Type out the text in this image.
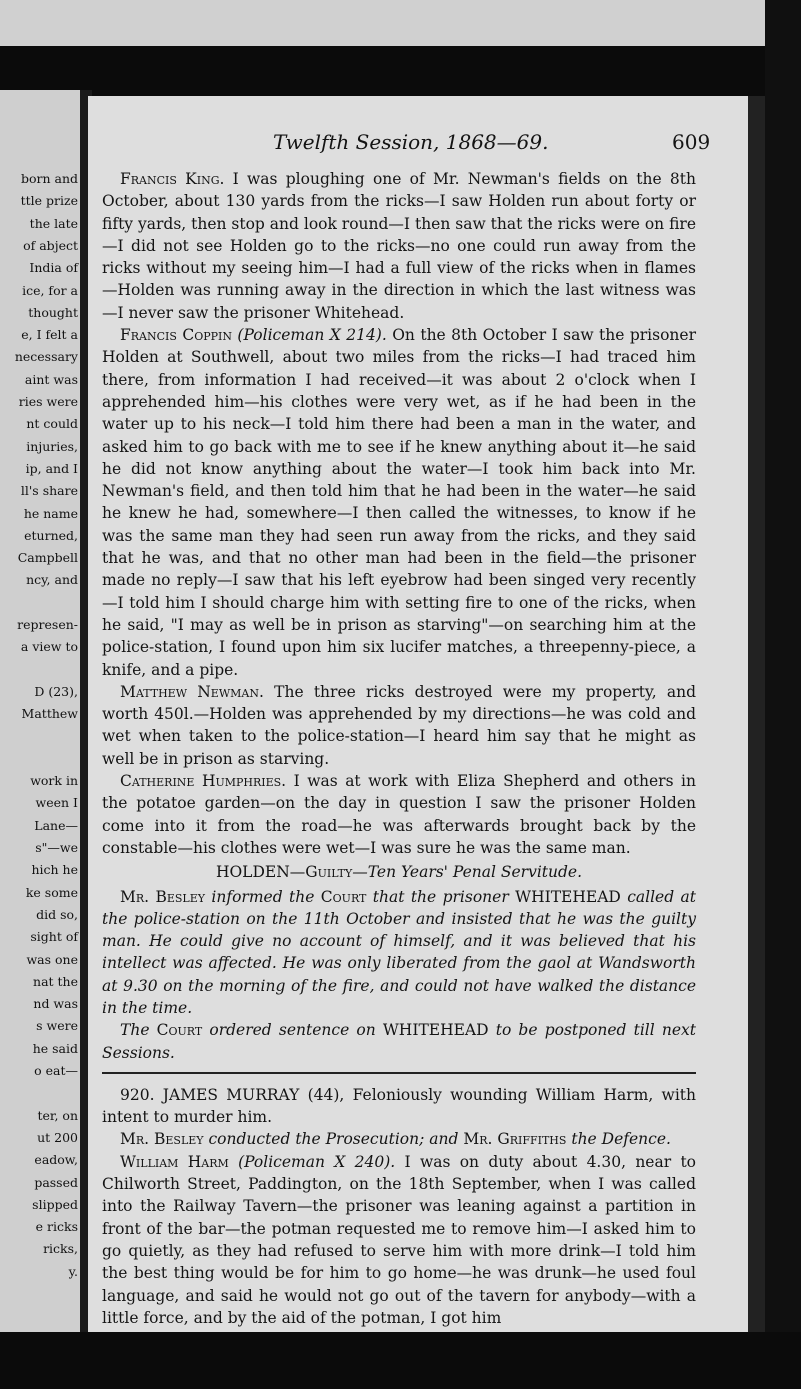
born and
ttle prize
the late
of abject
India of
ice, for a
thought
e, I felt a
necessary
aint was
ries were
nt could
injuries,
ip, and I
ll's share
he name
eturned,
Campbell
ncy, and
represen-
a view to
D (23),
Matthew
work in
ween I
Lane—
s"—we
hich he
ke some
did so,
sight of
was one
nat the
nd was
s were
he said
o eat—
ter, on
ut 200
eadow,
passed
slipped
e ricks
ricks,
y.
Twelfth Session, 1868—69.	609

Francis King. I was ploughing one of Mr. Newman's fields on the 8th October, about 130 yards from the ricks—I saw Holden run about forty or fifty yards, then stop and look round—I then saw that the ricks were on fire—I did not see Holden go to the ricks—no one could run away from the ricks without my seeing him—I had a full view of the ricks when in flames—Holden was running away in the direction in which the last witness was—I never saw the prisoner Whitehead.

Francis Coppin (Policeman X 214). On the 8th October I saw the prisoner Holden at Southwell, about two miles from the ricks—I had traced him there, from information I had received—it was about 2 o'clock when I apprehended him—his clothes were very wet, as if he had been in the water up to his neck—I told him there had been a man in the water, and asked him to go back with me to see if he knew anything about it—he said he did not know anything about the water—I took him back into Mr. Newman's field, and then told him that he had been in the water—he said he knew he had, somewhere—I then called the witnesses, to know if he was the same man they had seen run away from the ricks, and they said that he was, and that no other man had been in the field—the prisoner made no reply—I saw that his left eyebrow had been singed very recently—I told him I should charge him with setting fire to one of the ricks, when he said, "I may as well be in prison as starving"—on searching him at the police-station, I found upon him six lucifer matches, a threepenny-piece, a knife, and a pipe.

Matthew Newman. The three ricks destroyed were my property, and worth 450l.—Holden was apprehended by my directions—he was cold and wet when taken to the police-station—I heard him say that he might as well be in prison as starving.

Catherine Humphries. I was at work with Eliza Shepherd and others in the potatoe garden—on the day in question I saw the prisoner Holden come into it from the road—he was afterwards brought back by the constable—his clothes were wet—I was sure he was the same man.

HOLDEN—Guilty—Ten Years' Penal Servitude.

Mr. Besley informed the Court that the prisoner WHITEHEAD called at the police-station on the 11th October and insisted that he was the guilty man. He could give no account of himself, and it was believed that his intellect was affected. He was only liberated from the gaol at Wandsworth at 9.30 on the morning of the fire, and could not have walked the distance in the time.

The Court ordered sentence on WHITEHEAD to be postponed till next Sessions.

920. JAMES MURRAY (44), Feloniously wounding William Harm, with intent to murder him.

Mr. Besley conducted the Prosecution; and Mr. Griffiths the Defence.

William Harm (Policeman X 240). I was on duty about 4.30, near to Chilworth Street, Paddington, on the 18th September, when I was called into the Railway Tavern—the prisoner was leaning against a partition in front of the bar—the potman requested me to remove him—I asked him to go quietly, as they had refused to serve him with more drink—I told him the best thing would be for him to go home—he was drunk—he used foul language, and said he would not go out of the tavern for anybody—with a little force, and by the aid of the potman, I got him
